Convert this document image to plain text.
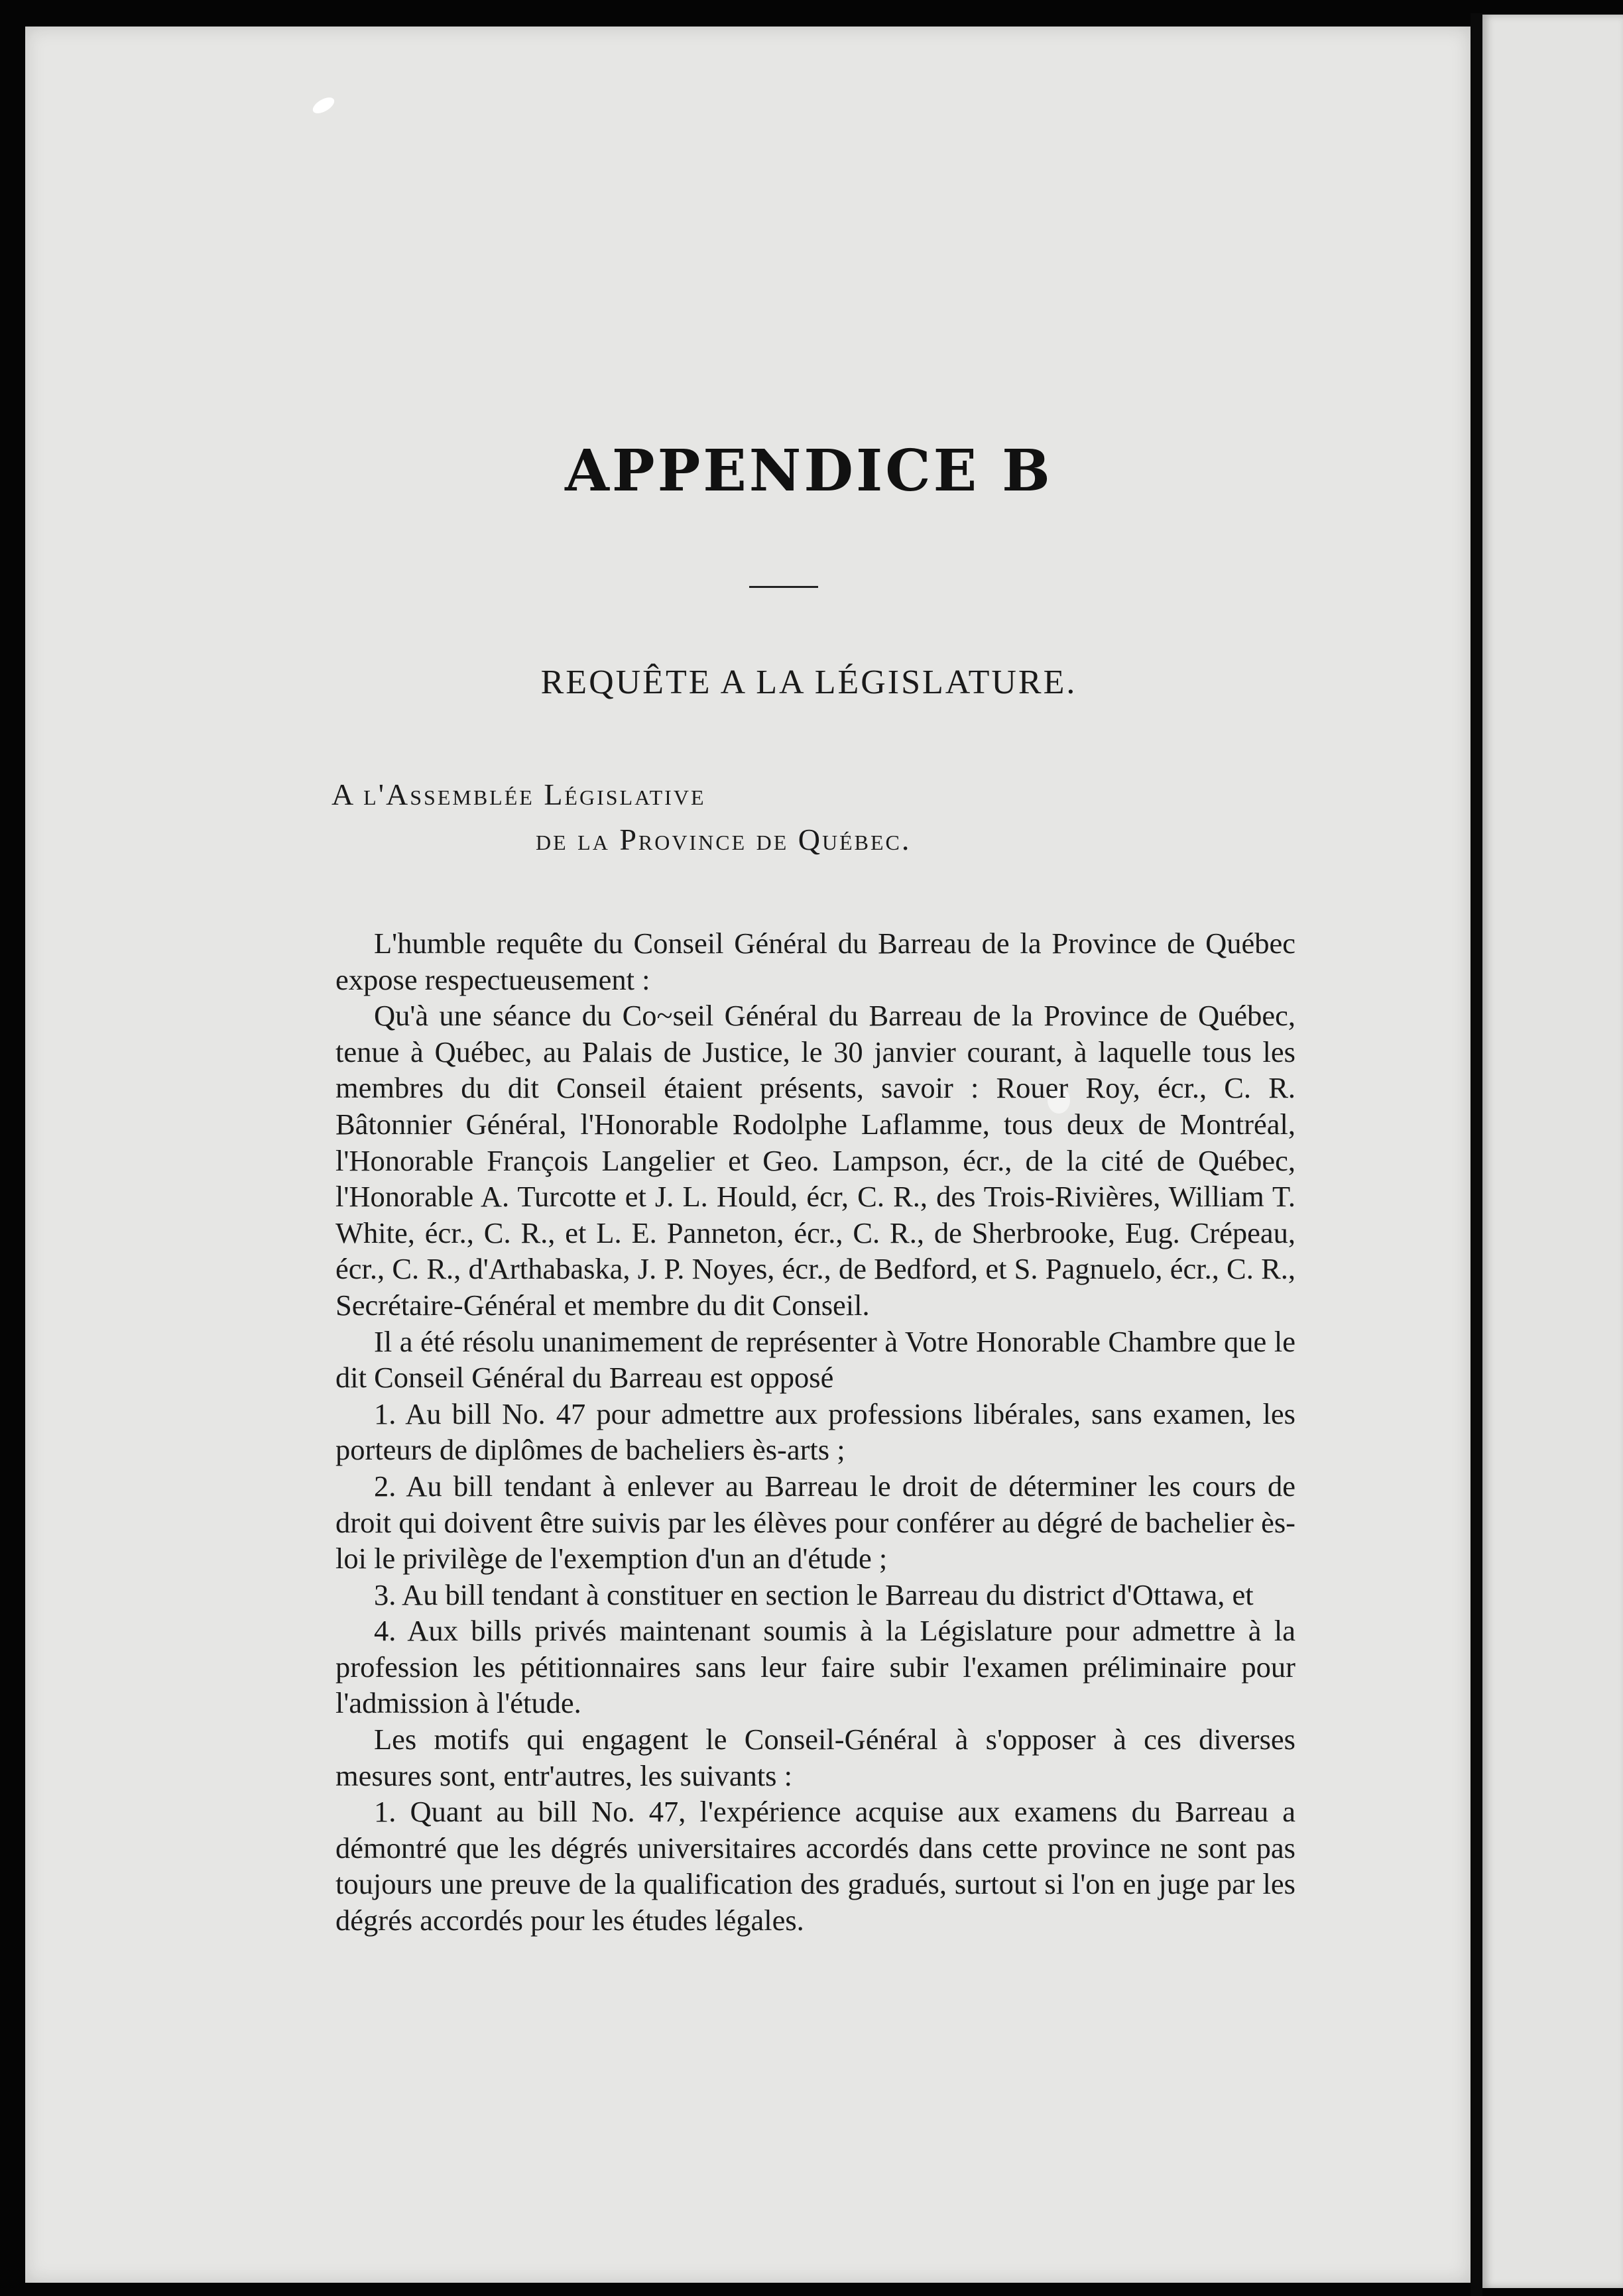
APPENDICE B
REQUÊTE A LA LÉGISLATURE.
A l'Assemblée Législative
de la Province de Québec.

L'humble requête du Conseil Général du Barreau de la Province de Québec expose respectueusement :

Qu'à une séance du Co~seil Général du Barreau de la Province de Québec, tenue à Québec, au Palais de Justice, le 30 janvier courant, à laquelle tous les membres du dit Conseil étaient présents, savoir : Rouer Roy, écr., C. R. Bâtonnier Général, l'Honorable Rodolphe Laflamme, tous deux de Montréal, l'Honorable François Langelier et Geo. Lampson, écr., de la cité de Québec, l'Honorable A. Turcotte et J. L. Hould, écr, C. R., des Trois-Rivières, William T. White, écr., C. R., et L. E. Panneton, écr., C. R., de Sherbrooke, Eug. Crépeau, écr., C. R., d'Arthabaska, J. P. Noyes, écr., de Bedford, et S. Pagnuelo, écr., C. R., Secrétaire-Général et membre du dit Conseil.

Il a été résolu unanimement de représenter à Votre Honorable Chambre que le dit Conseil Général du Barreau est opposé

1. Au bill No. 47 pour admettre aux professions libérales, sans examen, les porteurs de diplômes de bacheliers ès-arts ;

2. Au bill tendant à enlever au Barreau le droit de déterminer les cours de droit qui doivent être suivis par les élèves pour conférer au dégré de bachelier ès-loi le privilège de l'exemption d'un an d'étude ;

3. Au bill tendant à constituer en section le Barreau du district d'Ottawa, et

4. Aux bills privés maintenant soumis à la Législature pour admettre à la profession les pétitionnaires sans leur faire subir l'examen préliminaire pour l'admission à l'étude.

Les motifs qui engagent le Conseil-Général à s'opposer à ces diverses mesures sont, entr'autres, les suivants :

1. Quant au bill No. 47, l'expérience acquise aux examens du Barreau a démontré que les dégrés universitaires accordés dans cette province ne sont pas toujours une preuve de la qualification des gradués, surtout si l'on en juge par les dégrés accordés pour les études légales.
